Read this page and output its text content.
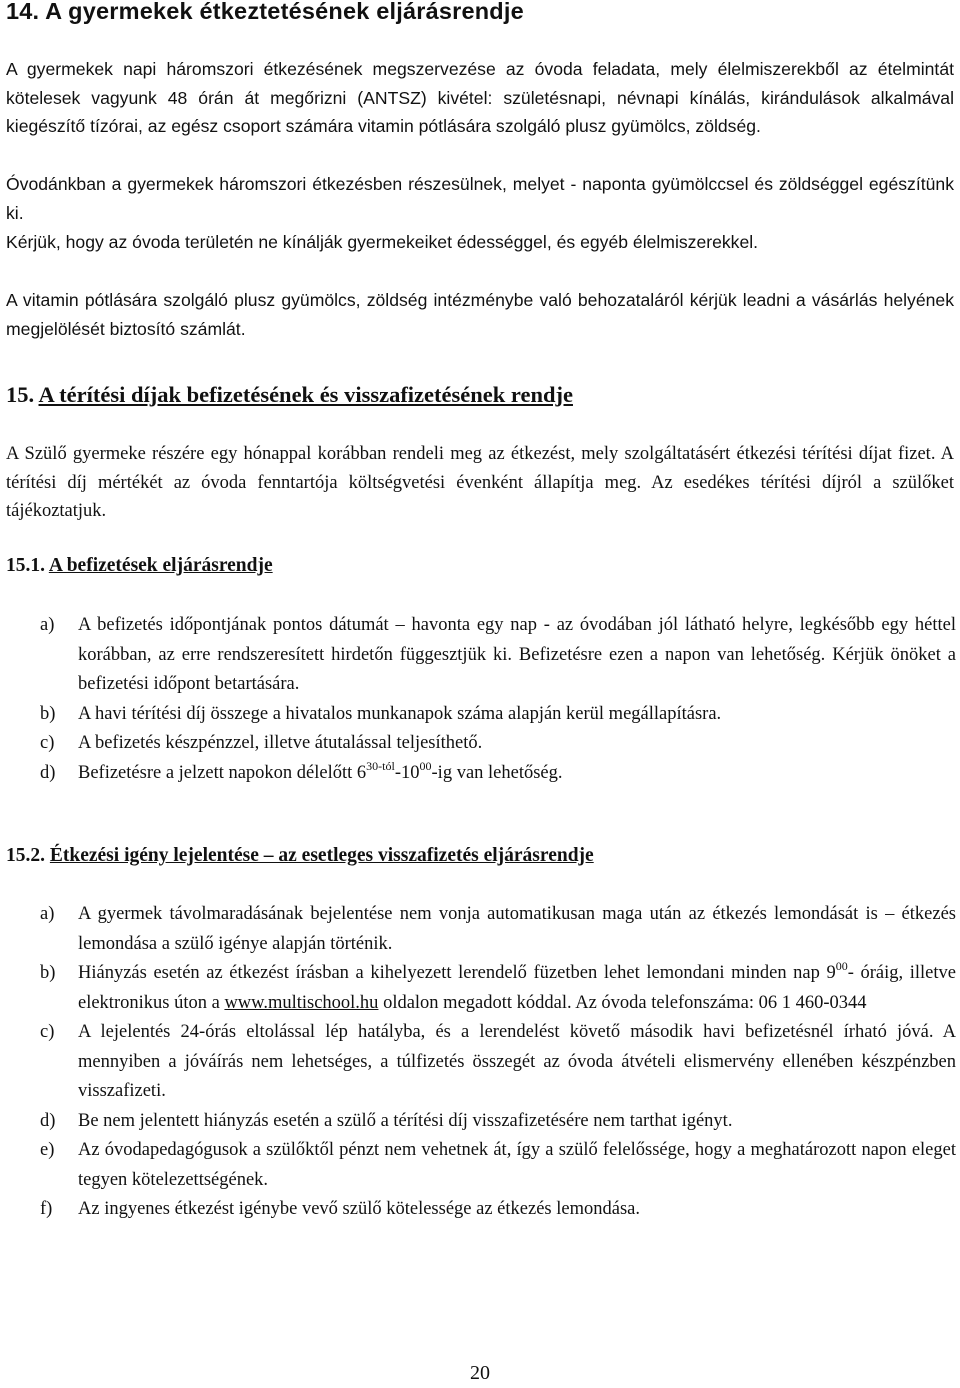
14. A gyermekek étkeztetésének eljárásrendje
A gyermekek napi háromszori étkezésének megszervezése az óvoda feladata, mely élelmiszerekből az ételmintát kötelesek vagyunk 48 órán át megőrizni (ANTSZ) kivétel: születésnapi, névnapi kínálás, kirándulások alkalmával kiegészítő tízórai, az egész csoport számára vitamin pótlására szolgáló plusz gyümölcs, zöldség.
Óvodánkban a gyermekek háromszori étkezésben részesülnek, melyet - naponta gyümölccsel és zöldséggel egészítünk ki.
Kérjük, hogy az óvoda területén ne kínálják gyermekeiket édességgel, és egyéb élelmiszerekkel.
A vitamin pótlására szolgáló plusz gyümölcs, zöldség intézménybe való behozataláról kérjük leadni a vásárlás helyének megjelölését biztosító számlát.
15. A térítési díjak befizetésének és visszafizetésének rendje
A Szülő gyermeke részére egy hónappal korábban rendeli meg az étkezést, mely szolgáltatásért étkezési térítési díjat fizet. A térítési díj mértékét az óvoda fenntartója költségvetési évenként állapítja meg. Az esedékes térítési díjról a szülőket tájékoztatjuk.
15.1. A befizetések eljárásrendje
a)	A befizetés időpontjának pontos dátumát – havonta egy nap - az óvodában jól látható helyre, legkésőbb egy héttel korábban, az erre rendszeresített hirdetőn függesztjük ki. Befizetésre ezen a napon van lehetőség. Kérjük önöket a befizetési időpont betartására.
b)	A havi térítési díj összege a hivatalos munkanapok száma alapján kerül megállapításra.
c)	A befizetés készpénzzel, illetve átutalással teljesíthető.
d)	Befizetésre a jelzett napokon délelőtt $6^{30-tól}-10^{00}-ig$ van lehetőség.
15.2. Étkezési igény lejelentése – az esetleges visszafizetés eljárásrendje
a)	A gyermek távolmaradásának bejelentése nem vonja automatikusan maga után az étkezés lemondását is – étkezés lemondása a szülő igénye alapján történik.
b)	Hiányzás esetén az étkezést írásban a kihelyezett lerendelő füzetben lehet lemondani minden nap $9^{00}-$ óráig, illetve elektronikus úton a www.multischool.hu oldalon megadott kóddal. Az óvoda telefonszáma: 06 1 460-0344
c)	A lejelentés 24-órás eltolással lép hatályba, és a lerendelést követő második havi befizetésnél írható jóvá. A mennyiben a jóváírás nem lehetséges, a túlfizetés összegét az óvoda átvételi elismervény ellenében készpénzben visszafizeti.
d)	Be nem jelentett hiányzás esetén a szülő a térítési díj visszafizetésére nem tarthat igényt.
e)	Az óvodapedagógusok a szülőktől pénzt nem vehetnek át, így a szülő felelőssége, hogy a meghatározott napon eleget tegyen kötelezettségének.
f)	Az ingyenes étkezést igénybe vevő szülő kötelessége az étkezés lemondása.
20
